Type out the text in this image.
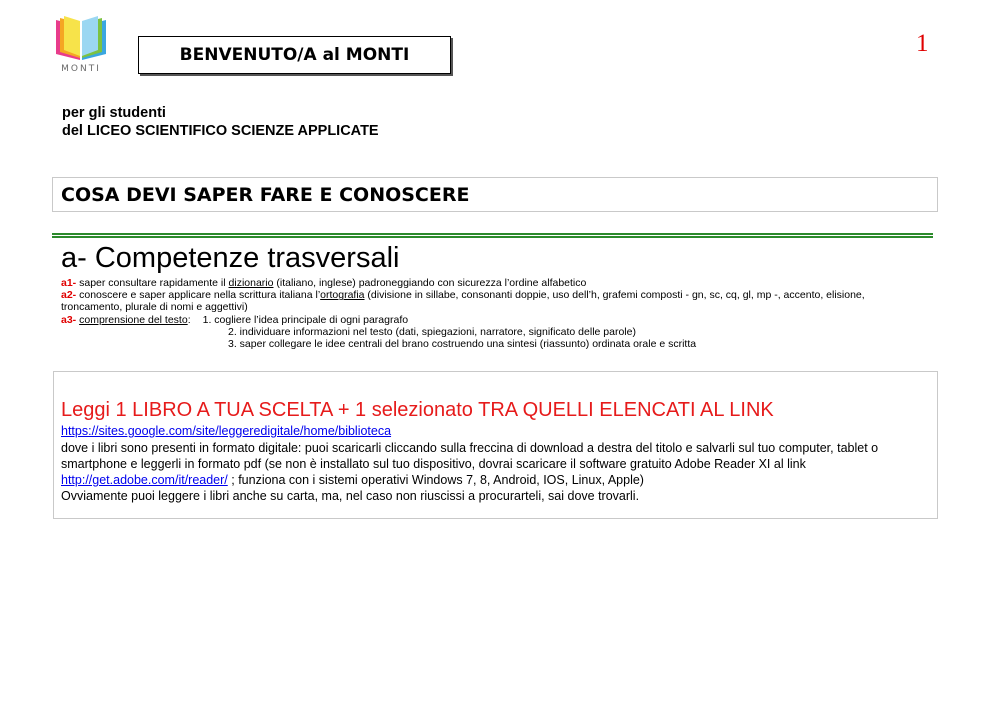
MONTI
BENVENUTO/A al MONTI	1
per gli studenti
del LICEO SCIENTIFICO SCIENZE APPLICATE
COSA DEVI SAPER FARE E CONOSCERE
a- Competenze trasversali
a1- saper consultare rapidamente il dizionario (italiano, inglese) padroneggiando con sicurezza l’ordine alfabetico
a2- conoscere e saper applicare nella scrittura italiana l’ortografia (divisione in sillabe, consonanti doppie, uso dell’h, grafemi composti - gn, sc, cq, gl, mp -, accento, elisione, troncamento, plurale di nomi e aggettivi)
a3- comprensione del testo: 1. cogliere l’idea principale di ogni paragrafo
2. individuare informazioni nel testo (dati, spiegazioni, narratore, significato delle parole)
3. saper collegare le idee centrali del brano costruendo una sintesi (riassunto) ordinata orale e scritta
Leggi 1 LIBRO A TUA SCELTA + 1 selezionato TRA QUELLI ELENCATI AL LINK
https://sites.google.com/site/leggeredigitale/home/biblioteca
dove i libri sono presenti in formato digitale: puoi scaricarli cliccando sulla freccina di download a destra del titolo e salvarli sul tuo computer, tablet o smartphone e leggerli in formato pdf (se non è installato sul tuo dispositivo, dovrai scaricare il software gratuito Adobe Reader XI al link http://get.adobe.com/it/reader/ ; funziona con i sistemi operativi Windows 7, 8, Android, IOS, Linux, Apple)
Ovviamente puoi leggere i libri anche su carta, ma, nel caso non riuscissi a procurarteli, sai dove trovarli.
